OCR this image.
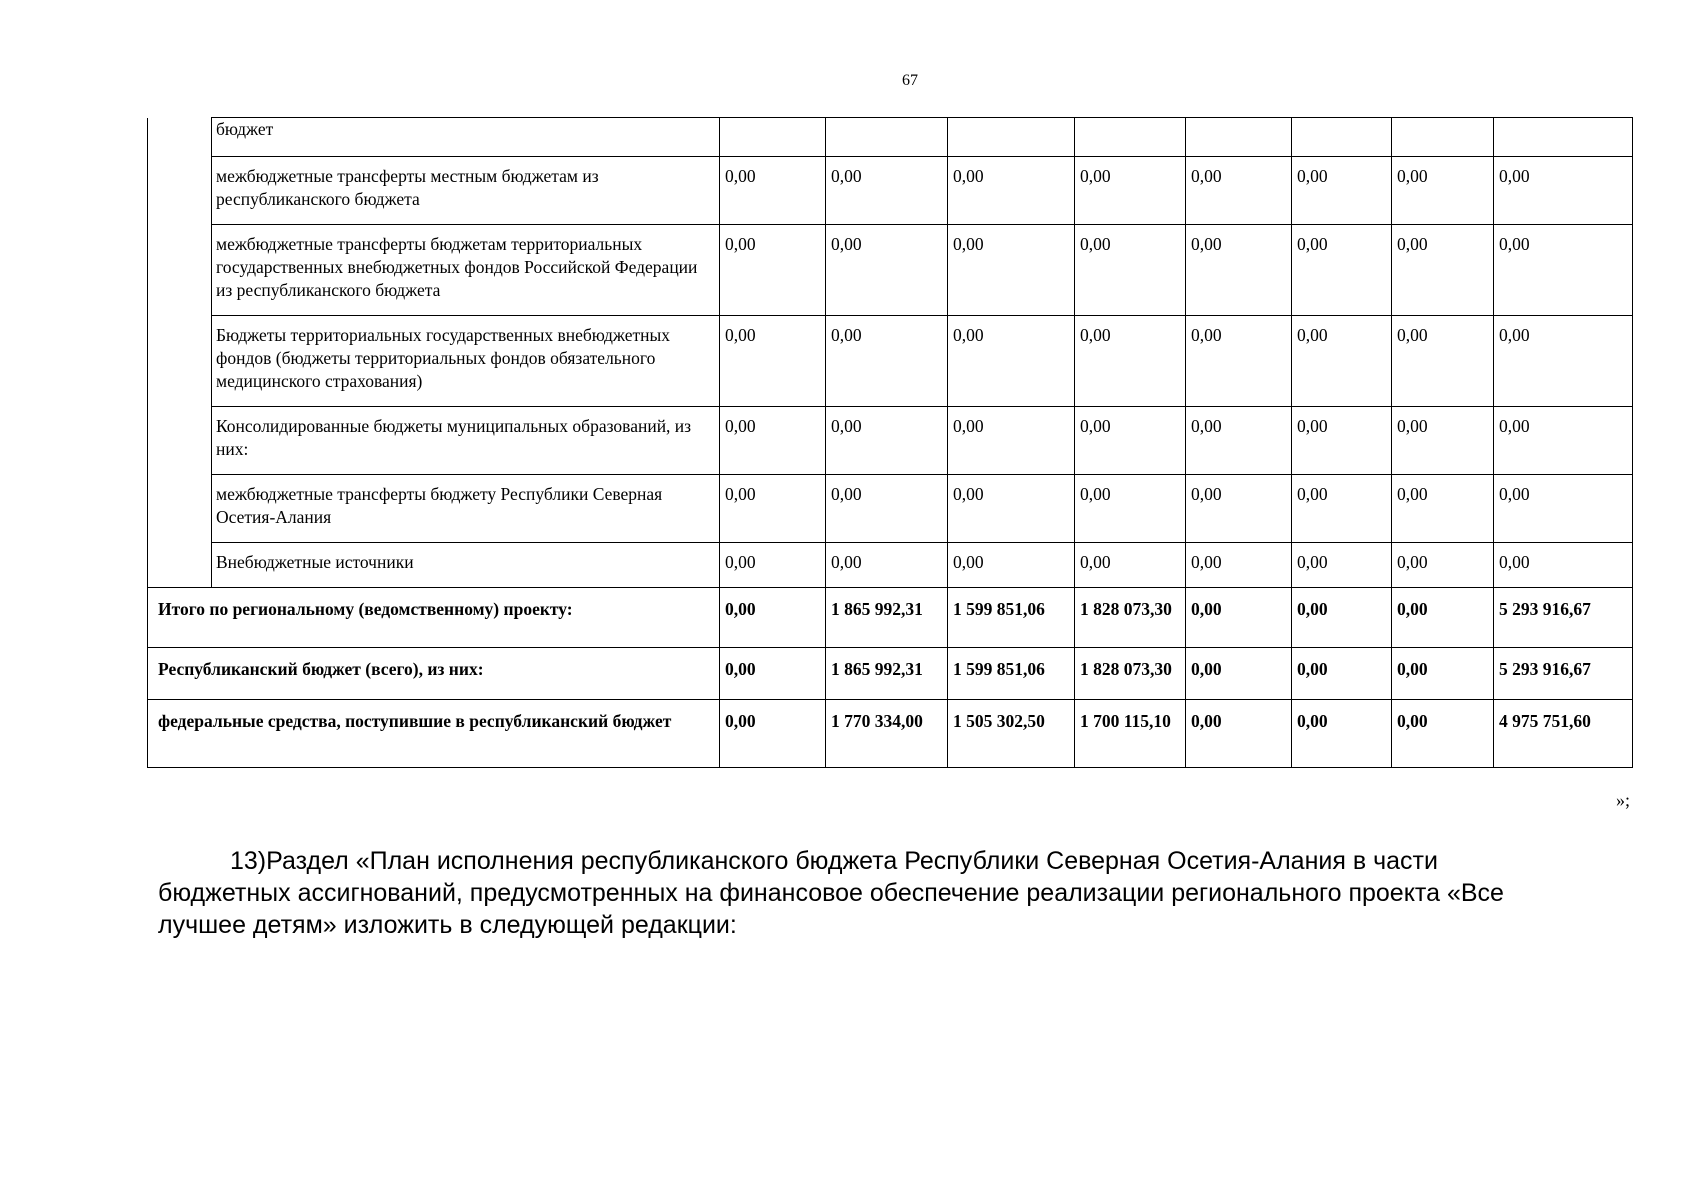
67
	бюджет								
	межбюджетные трансферты местным бюджетам из республиканского бюджета	0,00	0,00	0,00	0,00	0,00	0,00	0,00	0,00
	межбюджетные трансферты бюджетам территориальных государственных внебюджетных фондов Российской Федерации из республиканского бюджета	0,00	0,00	0,00	0,00	0,00	0,00	0,00	0,00
	Бюджеты территориальных государственных внебюджетных фондов (бюджеты территориальных фондов обязательного медицинского страхования)	0,00	0,00	0,00	0,00	0,00	0,00	0,00	0,00
	Консолидированные бюджеты муниципальных образований, из них:	0,00	0,00	0,00	0,00	0,00	0,00	0,00	0,00
	межбюджетные трансферты бюджету Республики Северная Осетия-Алания	0,00	0,00	0,00	0,00	0,00	0,00	0,00	0,00
	Внебюджетные источники	0,00	0,00	0,00	0,00	0,00	0,00	0,00	0,00
Итого по региональному (ведомственному) проекту:		0,00	1 865 992,31	1 599 851,06	1 828 073,30	0,00	0,00	0,00	5 293 916,67
Республиканский бюджет (всего), из них:		0,00	1 865 992,31	1 599 851,06	1 828 073,30	0,00	0,00	0,00	5 293 916,67
федеральные средства, поступившие в республиканский бюджет		0,00	1 770 334,00	1 505 302,50	1 700 115,10	0,00	0,00	0,00	4 975 751,60
»;
13)Раздел «План исполнения республиканского бюджета Республики Северная Осетия-Алания в части бюджетных ассигнований, предусмотренных на финансовое обеспечение реализации регионального проекта «Все лучшее детям» изложить в следующей редакции:
